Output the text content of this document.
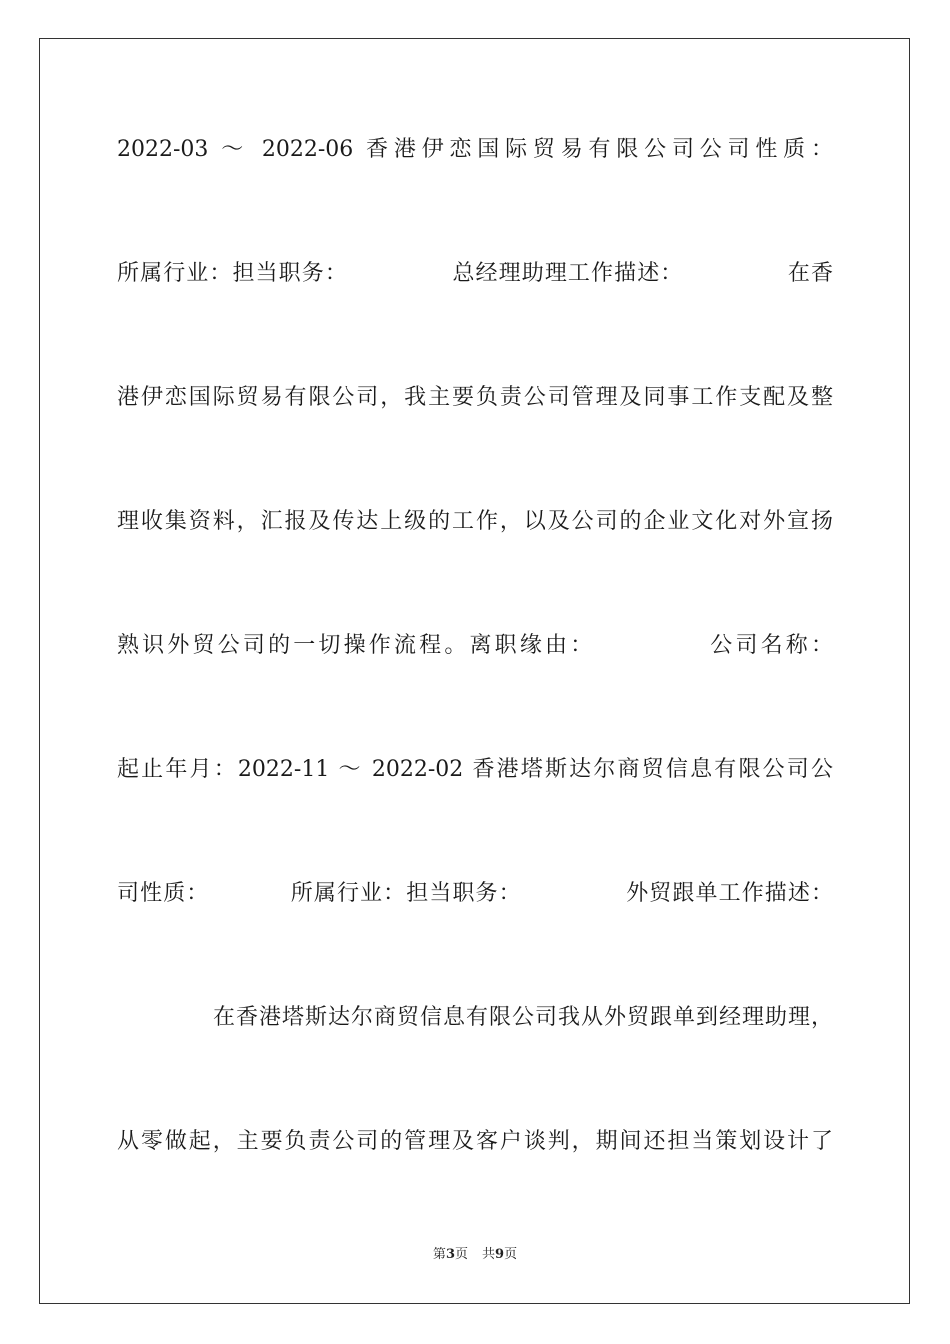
2022-03 ～ 2022-06 香港伊恋国际贸易有限公司公司性质：
所属行业：担当职务：　　　　　总经理助理工作描述：　　　　　在香
港伊恋国际贸易有限公司，我主要负责公司管理及同事工作支配及整
理收集资料，汇报及传达上级的工作，以及公司的企业文化对外宣扬
熟识外贸公司的一切操作流程。离职缘由：　　　　　公司名称：
起止年月：2022-11 ～ 2022-02 香港塔斯达尔商贸信息有限公司公
司性质：　　　　所属行业：担当职务：　　　　　外贸跟单工作描述：
在香港塔斯达尔商贸信息有限公司我从外贸跟单到经理助理，
从零做起，主要负责公司的管理及客户谈判，期间还担当策划设计了
第3页 共9页
